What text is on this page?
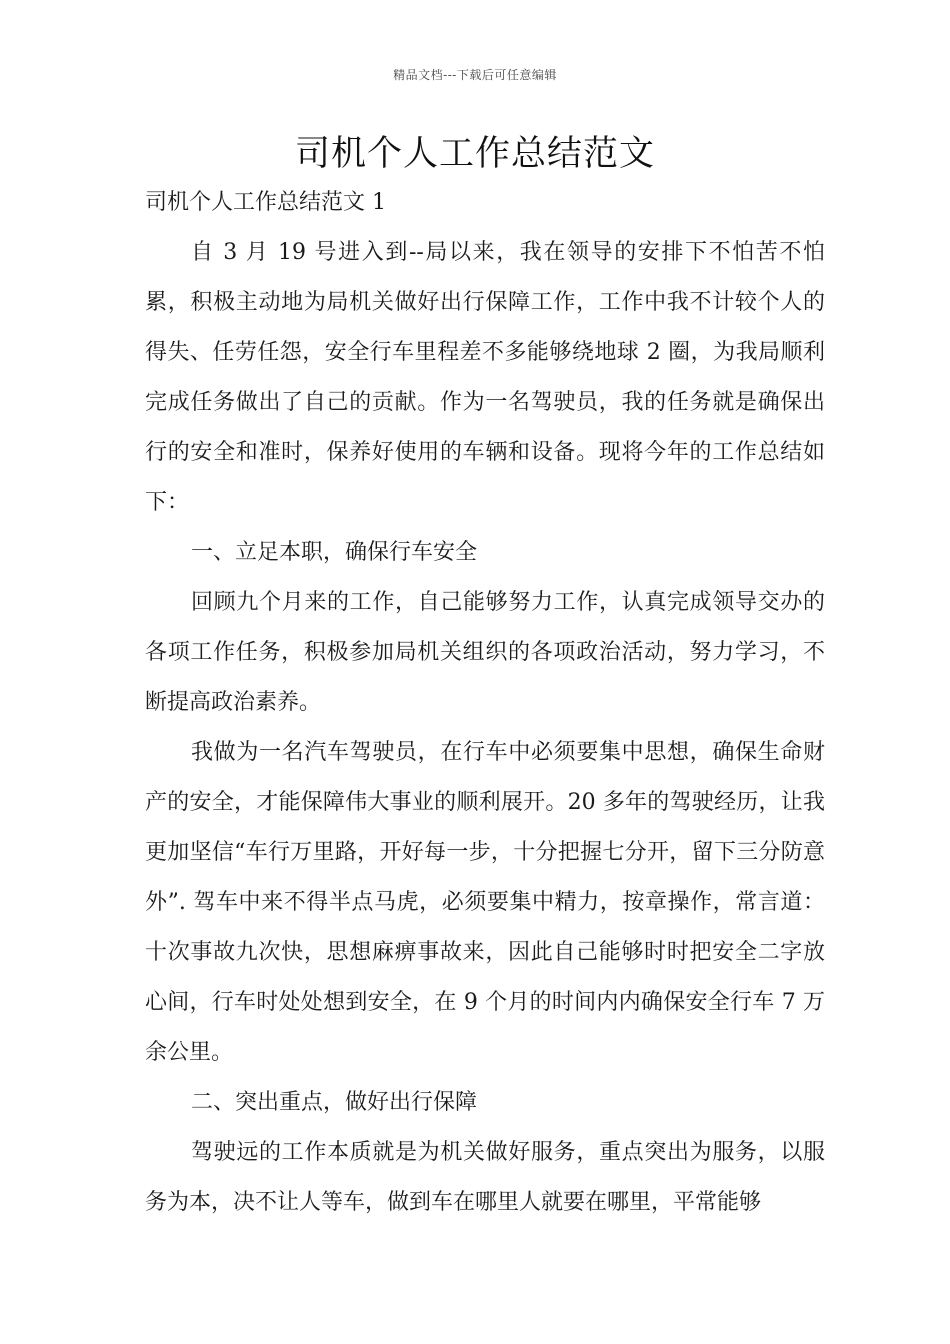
精品文档---下载后可任意编辑
司机个人工作总结范文

司机个人工作总结范文 1

自 3 月 19 号进入到--局以来，我在领导的安排下不怕苦不怕累，积极主动地为局机关做好出行保障工作，工作中我不计较个人的得失、任劳任怨，安全行车里程差不多能够绕地球 2 圈，为我局顺利完成任务做出了自己的贡献。作为一名驾驶员，我的任务就是确保出行的安全和准时，保养好使用的车辆和设备。现将今年的工作总结如下：

一、立足本职，确保行车安全

回顾九个月来的工作，自己能够努力工作，认真完成领导交办的各项工作任务，积极参加局机关组织的各项政治活动，努力学习，不断提高政治素养。

我做为一名汽车驾驶员，在行车中必须要集中思想，确保生命财产的安全，才能保障伟大事业的顺利展开。20 多年的驾驶经历，让我更加坚信“车行万里路，开好每一步，十分把握七分开，留下三分防意外”. 驾车中来不得半点马虎，必须要集中精力，按章操作，常言道：十次事故九次快，思想麻痹事故来，因此自己能够时时把安全二字放心间，行车时处处想到安全，在 9 个月的时间内内确保安全行车 7 万余公里。

二、突出重点，做好出行保障

驾驶远的工作本质就是为机关做好服务，重点突出为服务，以服务为本，决不让人等车，做到车在哪里人就要在哪里，平常能够
